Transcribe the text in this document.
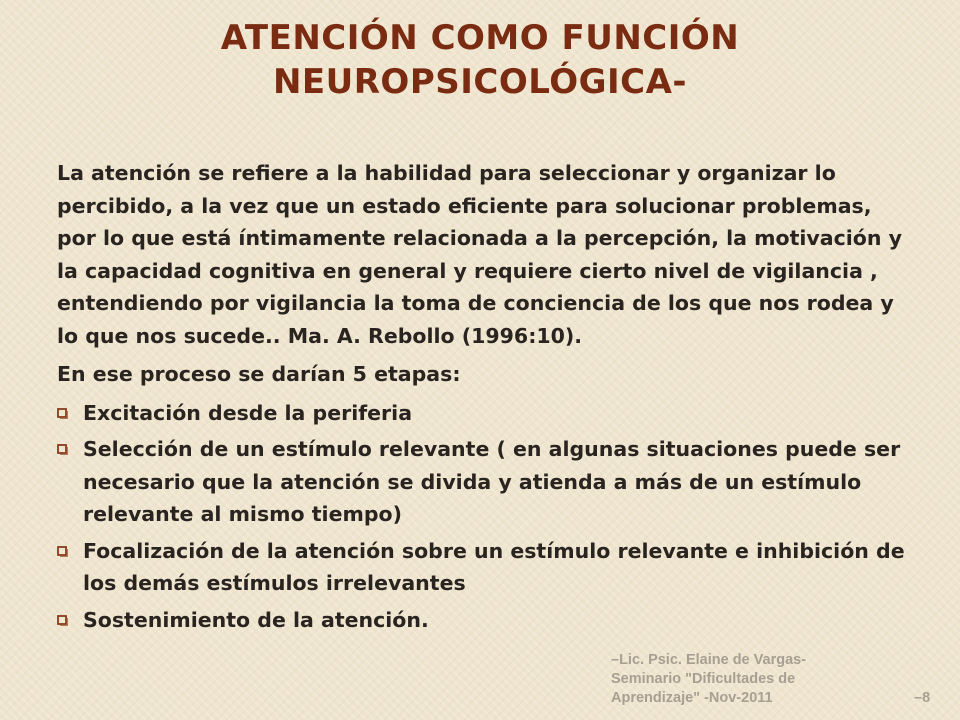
ATENCIÓN COMO FUNCIÓN
NEUROPSICOLÓGICA-

La atención se refiere a la habilidad para seleccionar y organizar lo percibido, a la vez que un estado eficiente para solucionar problemas, por lo que está íntimamente relacionada a la percepción, la motivación y la capacidad cognitiva en general y requiere cierto nivel de vigilancia , entendiendo por vigilancia la toma de conciencia de los que nos rodea y lo que nos sucede.. Ma. A. Rebollo (1996:10).

En ese proceso se darían 5 etapas:

Excitación desde la periferia
Selección de un estímulo relevante ( en algunas situaciones puede ser necesario que la atención se divida y atienda a más de un estímulo relevante al mismo tiempo)
Focalización de la atención sobre un estímulo relevante e inhibición de los demás estímulos irrelevantes
Sostenimiento de la atención.
–Lic. Psic. Elaine de Vargas- Seminario "Dificultades de Aprendizaje" -Nov-2011	–8
